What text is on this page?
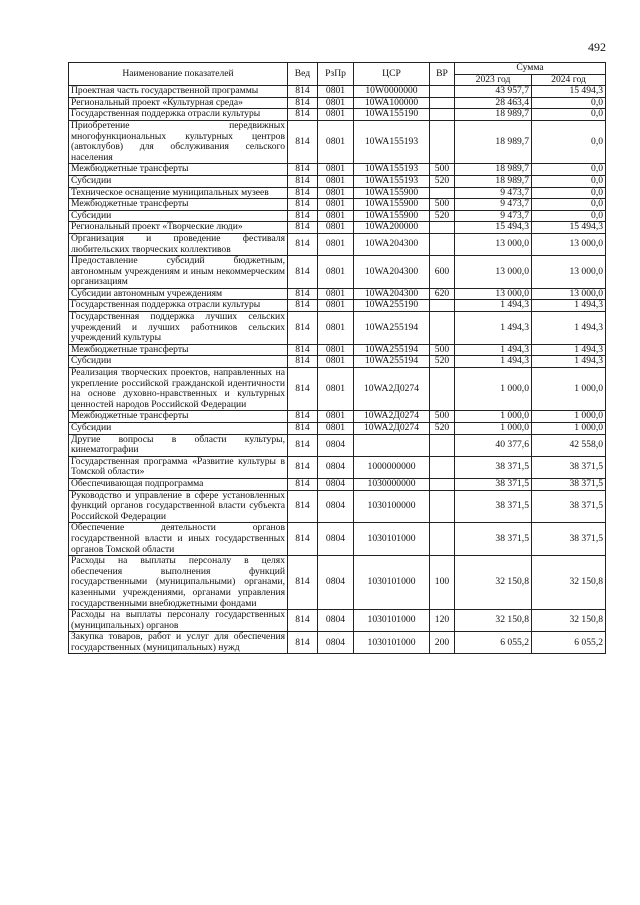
492
Наименование показателей	Вед	РзПр	ЦСР	ВР	Сумма	
					2023 год	2024 год
Проектная часть государственной программы	814	0801	10W0000000		43 957,7	15 494,3
Региональный проект «Культурная среда»	814	0801	10WA100000		28 463,4	0,0
Государственная поддержка отрасли культуры	814	0801	10WA155190		18 989,7	0,0
Приобретение передвижных многофункциональных культурных центров (автоклубов) для обслуживания сельского населения	814	0801	10WA155193		18 989,7	0,0
Межбюджетные трансферты	814	0801	10WA155193	500	18 989,7	0,0
Субсидии	814	0801	10WA155193	520	18 989,7	0,0
Техническое оснащение муниципальных музеев	814	0801	10WA155900		9 473,7	0,0
Межбюджетные трансферты	814	0801	10WA155900	500	9 473,7	0,0
Субсидии	814	0801	10WA155900	520	9 473,7	0,0
Региональный проект «Творческие люди»	814	0801	10WA200000		15 494,3	15 494,3
Организация и проведение фестиваля любительских творческих коллективов	814	0801	10WA204300		13 000,0	13 000,0
Предоставление субсидий бюджетным, автономным учреждениям и иным некоммерческим организациям	814	0801	10WA204300	600	13 000,0	13 000,0
Субсидии автономным учреждениям	814	0801	10WA204300	620	13 000,0	13 000,0
Государственная поддержка отрасли культуры	814	0801	10WA255190		1 494,3	1 494,3
Государственная поддержка лучших сельских учреждений и лучших работников сельских учреждений культуры	814	0801	10WA255194		1 494,3	1 494,3
Межбюджетные трансферты	814	0801	10WA255194	500	1 494,3	1 494,3
Субсидии	814	0801	10WA255194	520	1 494,3	1 494,3
Реализация творческих проектов, направленных на укрепление российской гражданской идентичности на основе духовно-нравственных и культурных ценностей народов Российской Федерации	814	0801	10WA2Д0274		1 000,0	1 000,0
Межбюджетные трансферты	814	0801	10WA2Д0274	500	1 000,0	1 000,0
Субсидии	814	0801	10WA2Д0274	520	1 000,0	1 000,0
Другие вопросы в области культуры, кинематографии	814	0804			40 377,6	42 558,0
Государственная программа «Развитие культуры в Томской области»	814	0804	1000000000		38 371,5	38 371,5
Обеспечивающая подпрограмма	814	0804	1030000000		38 371,5	38 371,5
Руководство и управление в сфере установленных функций органов государственной власти субъекта Российской Федерации	814	0804	1030100000		38 371,5	38 371,5
Обеспечение деятельности органов государственной власти и иных государственных органов Томской области	814	0804	1030101000		38 371,5	38 371,5
Расходы на выплаты персоналу в целях обеспечения выполнения функций государственными (муниципальными) органами, казенными учреждениями, органами управления государственными внебюджетными фондами	814	0804	1030101000	100	32 150,8	32 150,8
Расходы на выплаты персоналу государственных (муниципальных) органов	814	0804	1030101000	120	32 150,8	32 150,8
Закупка товаров, работ и услуг для обеспечения государственных (муниципальных) нужд	814	0804	1030101000	200	6 055,2	6 055,2
